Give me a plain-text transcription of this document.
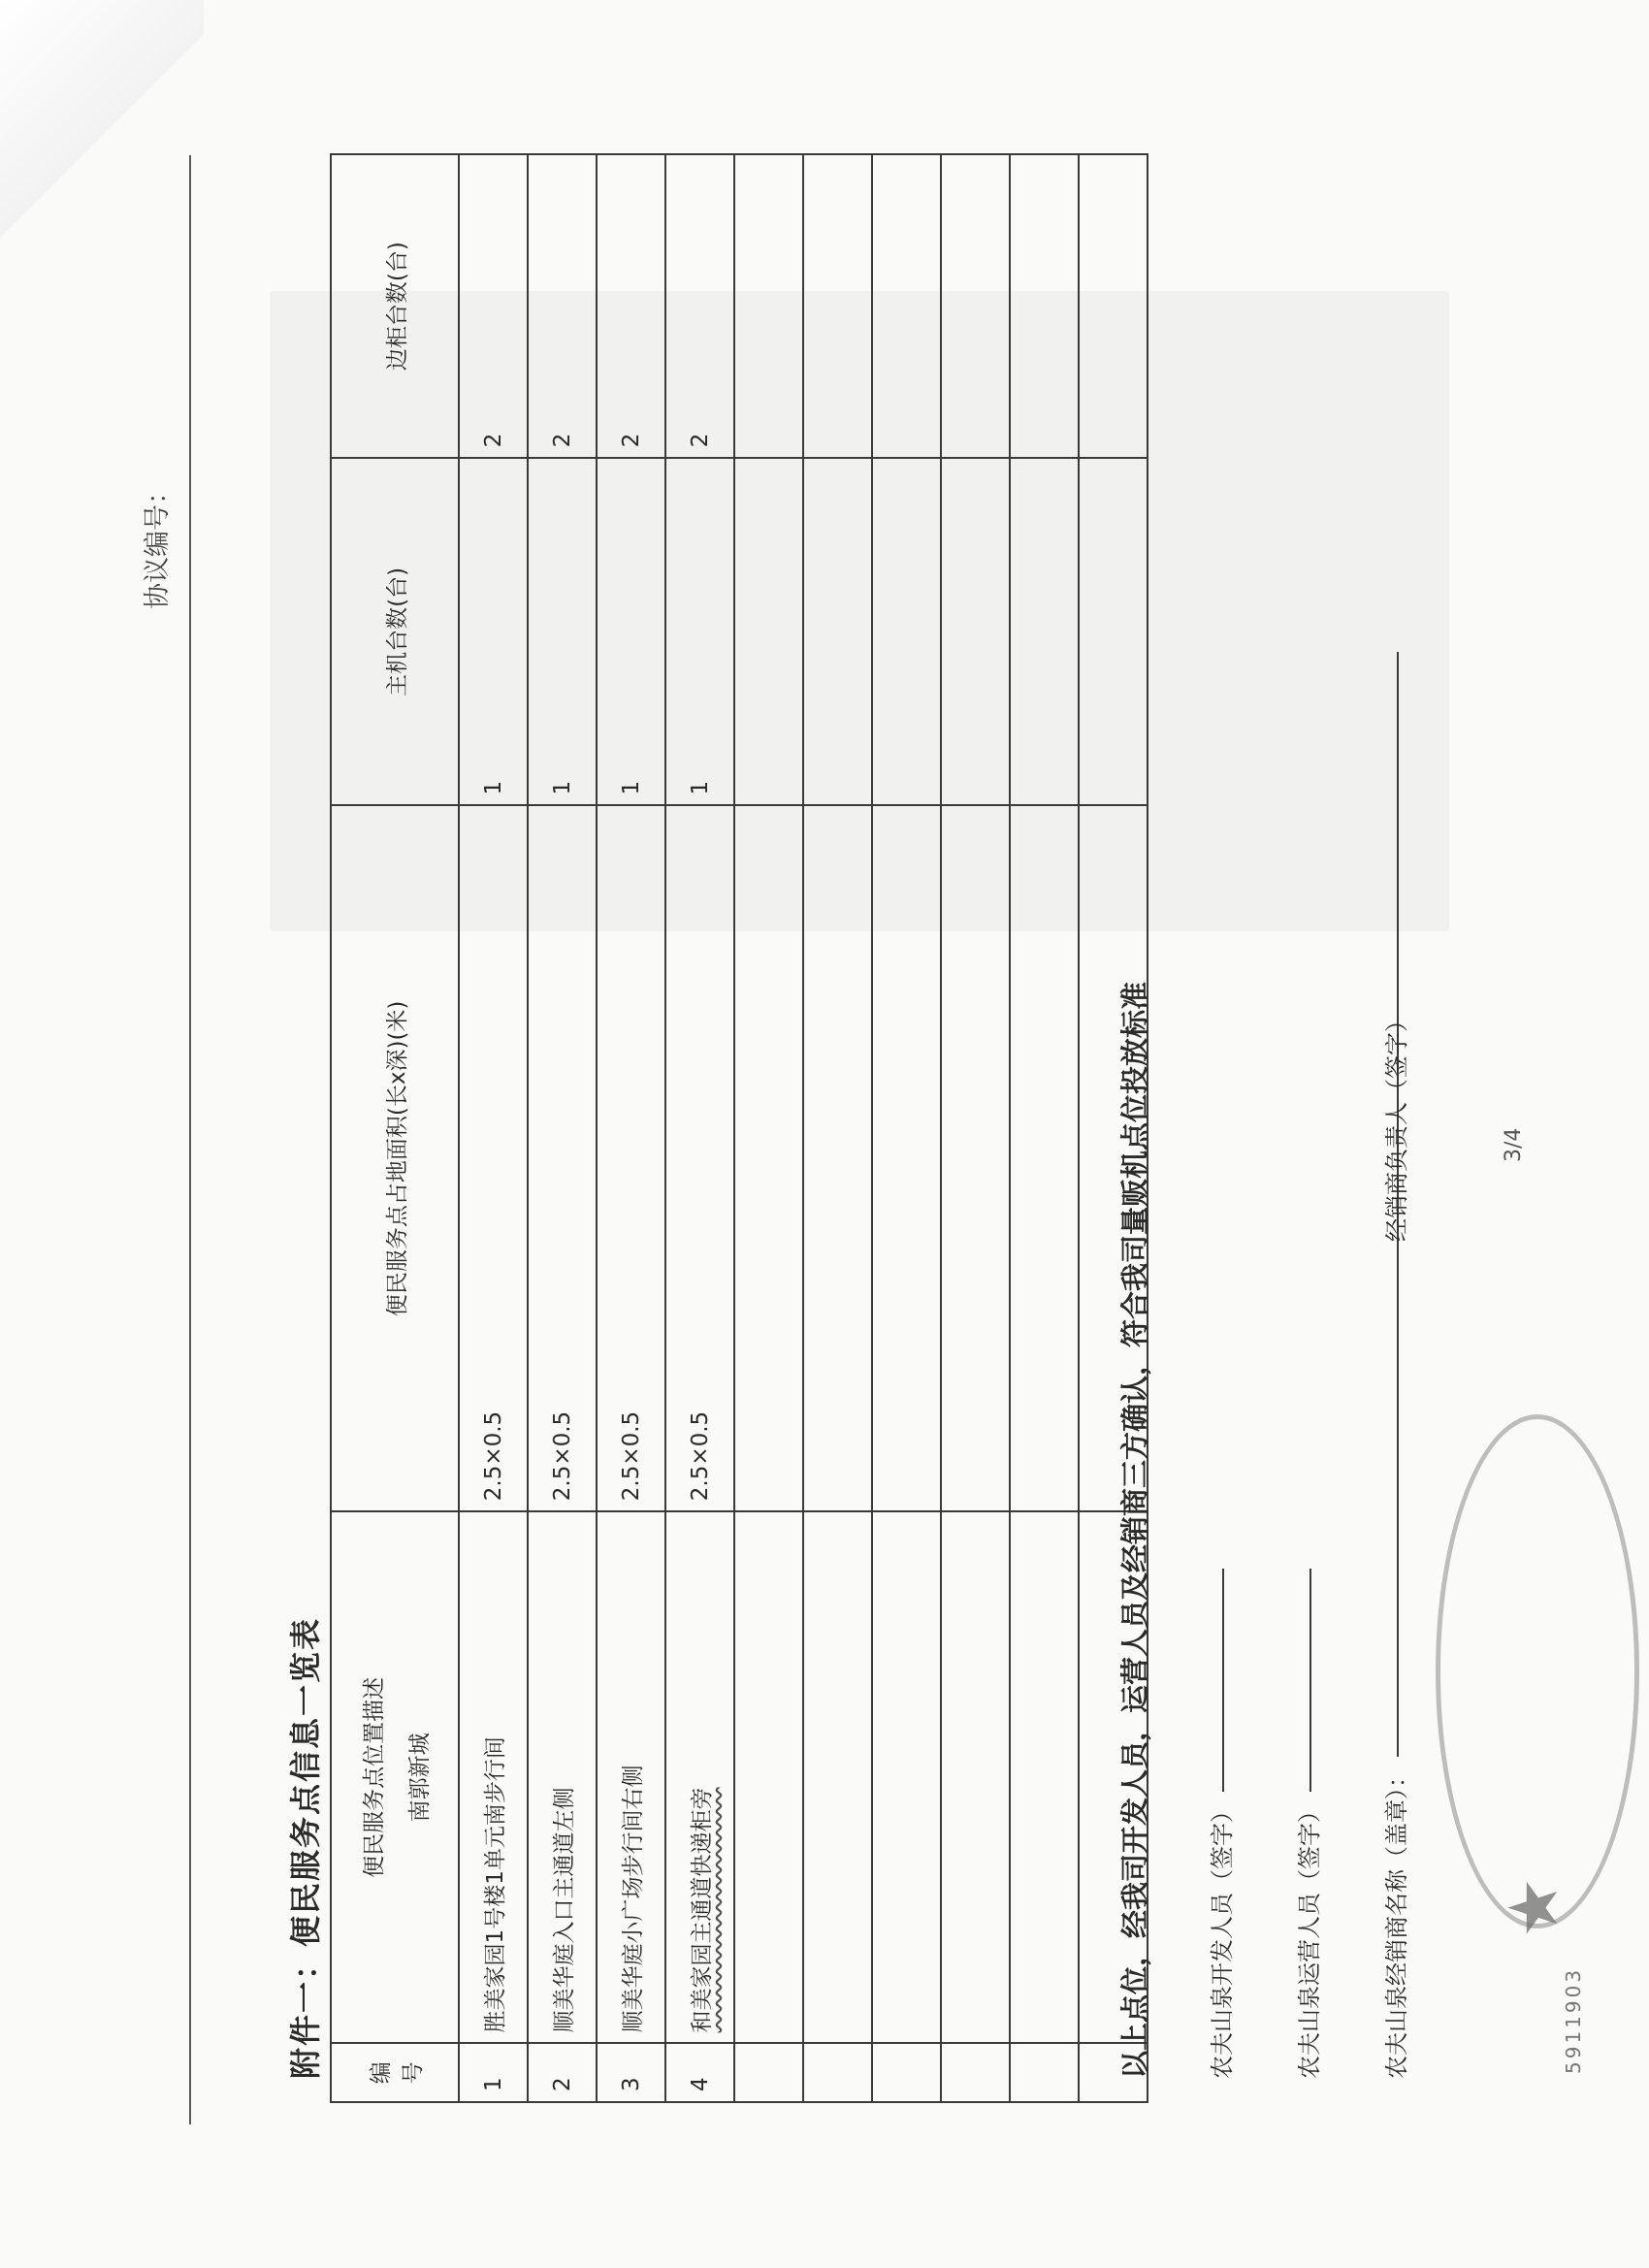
协议编号：
附件一：便民服务点信息一览表 编号	便民服务点位置描述 南郭新城	便民服务点占地面积(长x深)(米)	主机台数(台)	边柜台数(台)
1	胜美家园1号楼1单元南步行间	2.5×0.5	1	2
2	顺美华庭入口主通道左侧	2.5×0.5	1	2
3	顺美华庭小广场步行间右侧	2.5×0.5	1	2
4	和美家园主通道快递柜旁	2.5×0.5	1	2

以上点位，经我司开发人员，运营人员及经销商三方确认，符合我司量贩机点位投放标准 农夫山泉开发人员（签字）	农夫山泉运营人员（签字）	农夫山泉经销商名称（盖章）：
经销商负责人（签字）	3/4
★
5911903
